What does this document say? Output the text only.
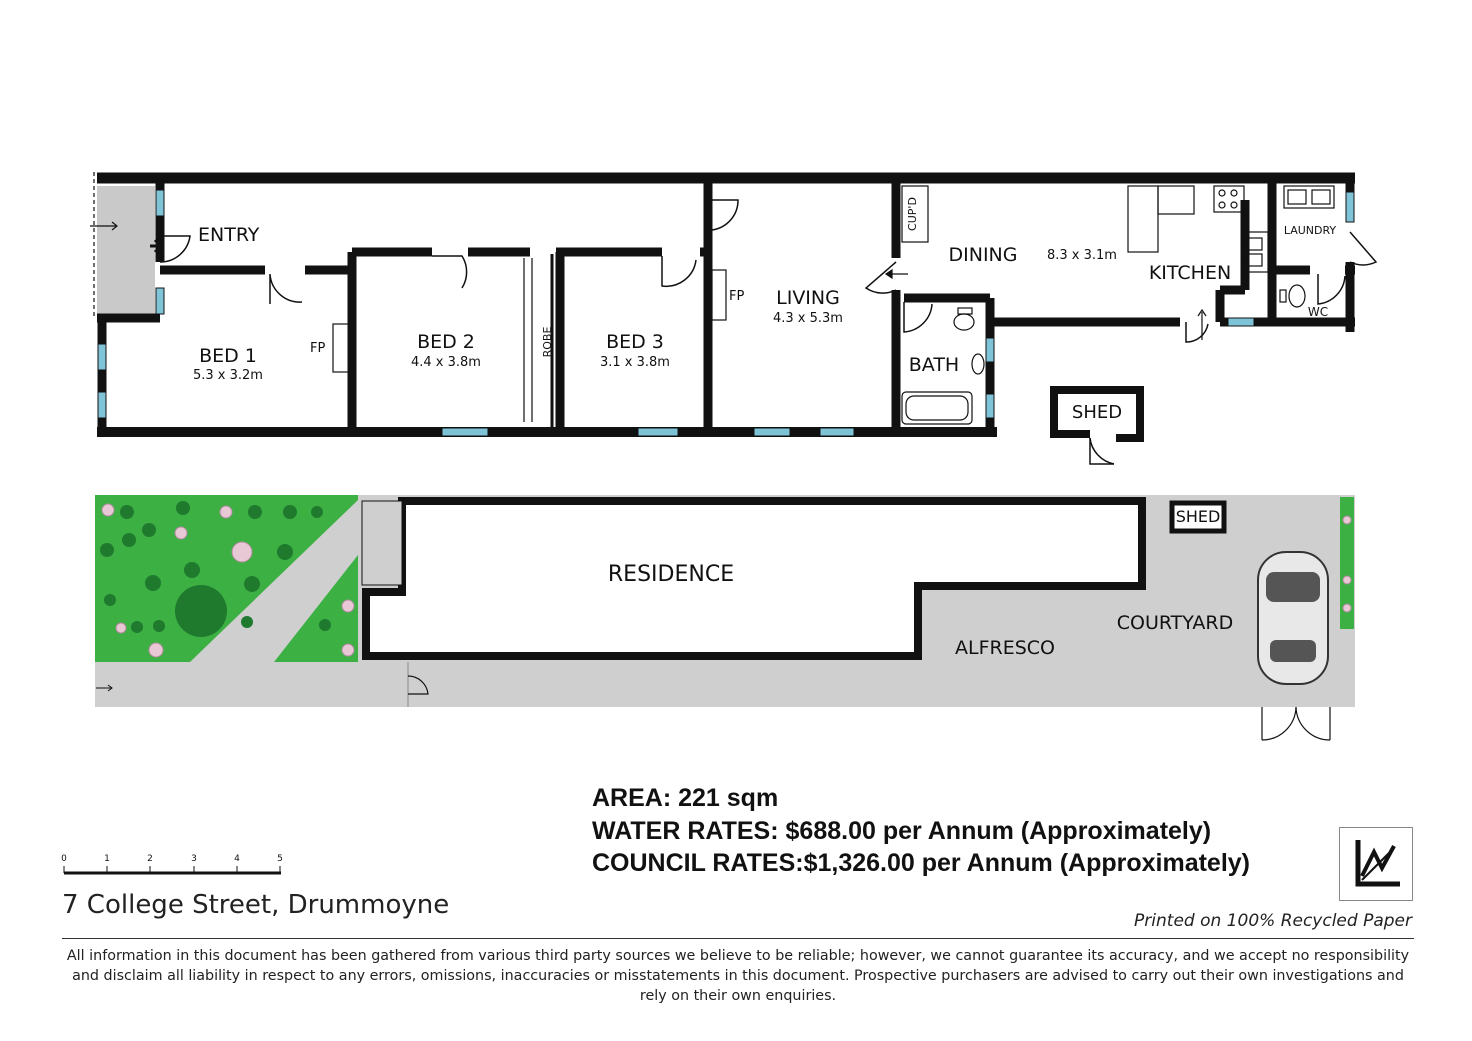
ENTRY
BED 1
5.3 x 3.2m
FP	BED 2
4.4 x 3.8m
ROBE	BED 3
3.1 x 3.8m
FP LIVING
4.3 x 5.3m
CUP'D
DINING 8.3 x 3.1m
KITCHEN
LAUNDRY
WC
BATH
SHED
RESIDENCE
SHED
COURTYARD
ALFRESCO
0	1	2	3	4	5
AREA: 221 sqm
WATER RATES: $688.00 per Annum (Approximately)
COUNCIL RATES:$1,326.00 per Annum (Approximately)
7 College Street, Drummoyne
Printed on 100% Recycled Paper
All information in this document has been gathered from various third party sources we believe to be reliable; however, we cannot guarantee its accuracy, and we accept no responsibility and disclaim all liability in respect to any errors, omissions, inaccuracies or misstatements in this document. Prospective purchasers are advised to carry out their own investigations and rely on their own enquiries.
